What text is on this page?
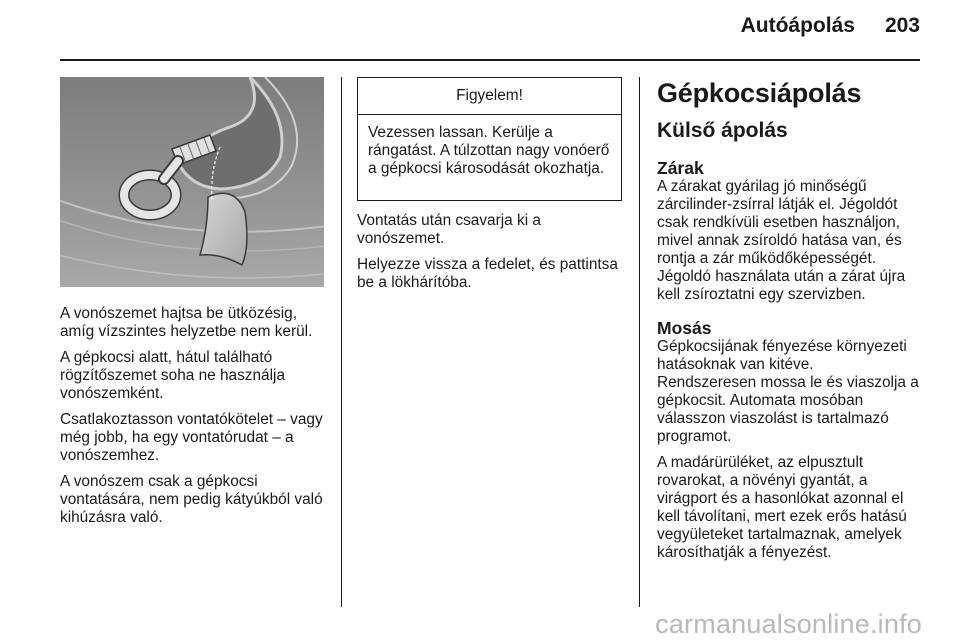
Autóápolás 203

A vonószemet hajtsa be ütközésig, amíg vízszintes helyzetbe nem kerül.

A gépkocsi alatt, hátul található rögzítőszemet soha ne használja vonószemként.

Csatlakoztasson vontatókötelet – vagy még jobb, ha egy vontatórudat – a vonószemhez.

A vonószem csak a gépkocsi vontatására, nem pedig kátyúkból való kihúzásra való.

Figyelem!
Vezessen lassan. Kerülje a rángatást. A túlzottan nagy vonóerő a gépkocsi károsodását okozhatja.

Vontatás után csavarja ki a vonószemet.

Helyezze vissza a fedelet, és pattintsa be a lökhárítóba.

Gépkocsiápolás
Külső ápolás
Zárak

A zárakat gyárilag jó minőségű zárcilinder-zsírral látják el. Jégoldót csak rendkívüli esetben használjon, mivel annak zsíroldó hatása van, és rontja a zár működőképességét. Jégoldó használata után a zárat újra kell zsíroztatni egy szervizben.

Mosás

Gépkocsijának fényezése környezeti hatásoknak van kitéve.

Rendszeresen mossa le és viaszolja a gépkocsit. Automata mosóban válasszon viaszolást is tartalmazó programot.

A madárürüléket, az elpusztult rovarokat, a növényi gyantát, a virágport és a hasonlókat azonnal el kell távolítani, mert ezek erős hatású vegyületeket tartalmaznak, amelyek károsíthatják a fényezést.

carmanualsonline.info
